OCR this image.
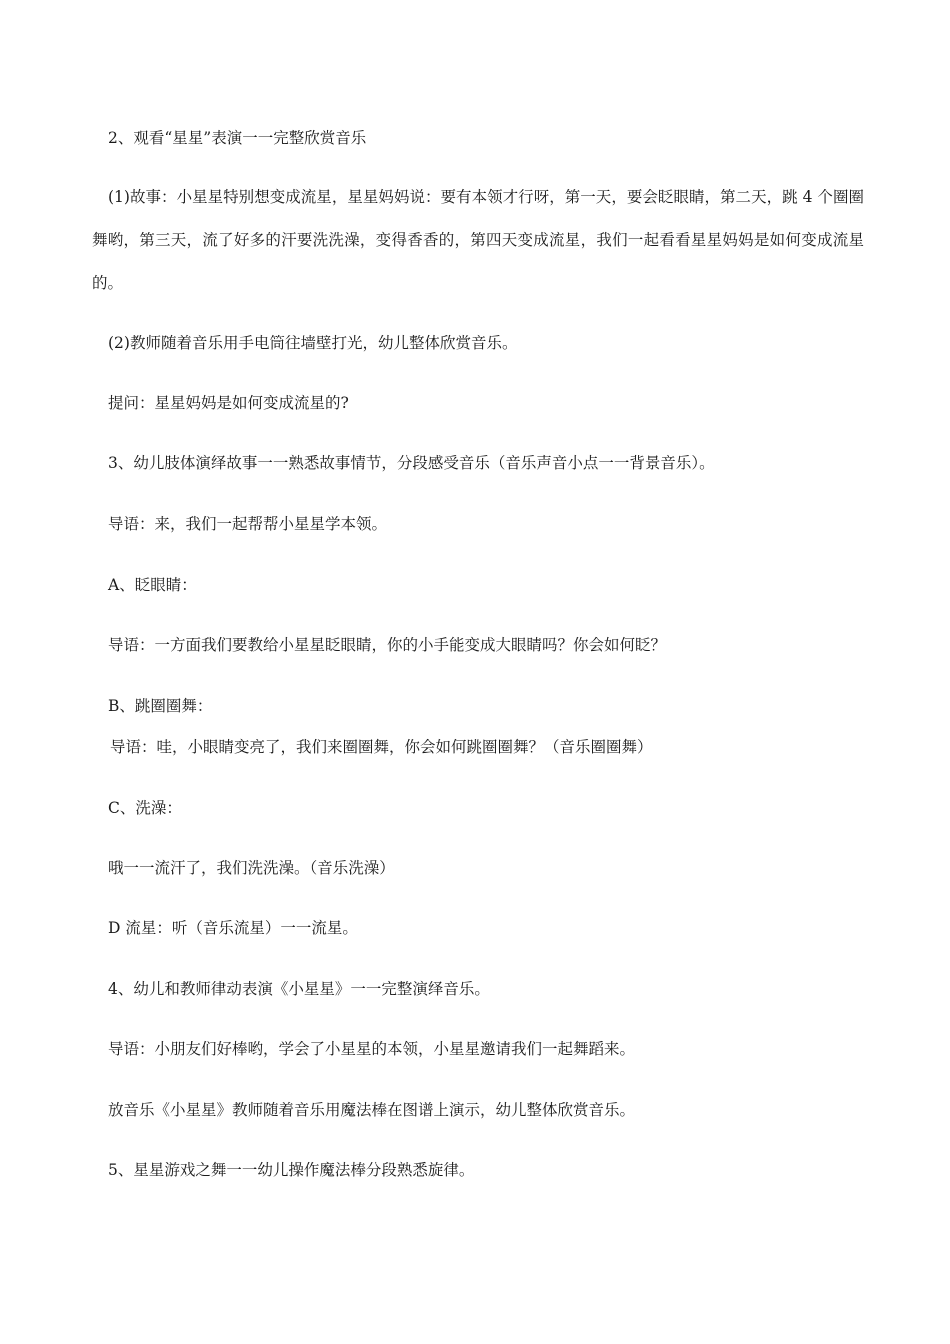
2、观看“星星”表演一一完整欣赏音乐
(1)故事：小星星特别想变成流星，星星妈妈说：要有本领才行呀，第一天，要会眨眼睛，第二天，跳 4 个圈圈舞哟，第三天，流了好多的汗要洗洗澡，变得香香的，第四天变成流星，我们一起看看星星妈妈是如何变成流星的。
(2)教师随着音乐用手电筒往墙壁打光，幼儿整体欣赏音乐。
提问：星星妈妈是如何变成流星的?
3、幼儿肢体演绎故事一一熟悉故事情节，分段感受音乐（音乐声音小点一一背景音乐）。
导语：来，我们一起帮帮小星星学本领。
A、眨眼睛：
导语：一方面我们要教给小星星眨眼睛，你的小手能变成大眼睛吗？你会如何眨？
B、跳圈圈舞：
导语：哇，小眼睛变亮了，我们来圈圈舞，你会如何跳圈圈舞？（音乐圈圈舞）
C、洗澡：
哦一一流汗了，我们洗洗澡。（音乐洗澡）
D 流星：听（音乐流星）一一流星。
4、幼儿和教师律动表演《小星星》一一完整演绎音乐。
导语：小朋友们好棒哟，学会了小星星的本领，小星星邀请我们一起舞蹈来。
放音乐《小星星》教师随着音乐用魔法棒在图谱上演示，幼儿整体欣赏音乐。
5、星星游戏之舞一一幼儿操作魔法棒分段熟悉旋律。
